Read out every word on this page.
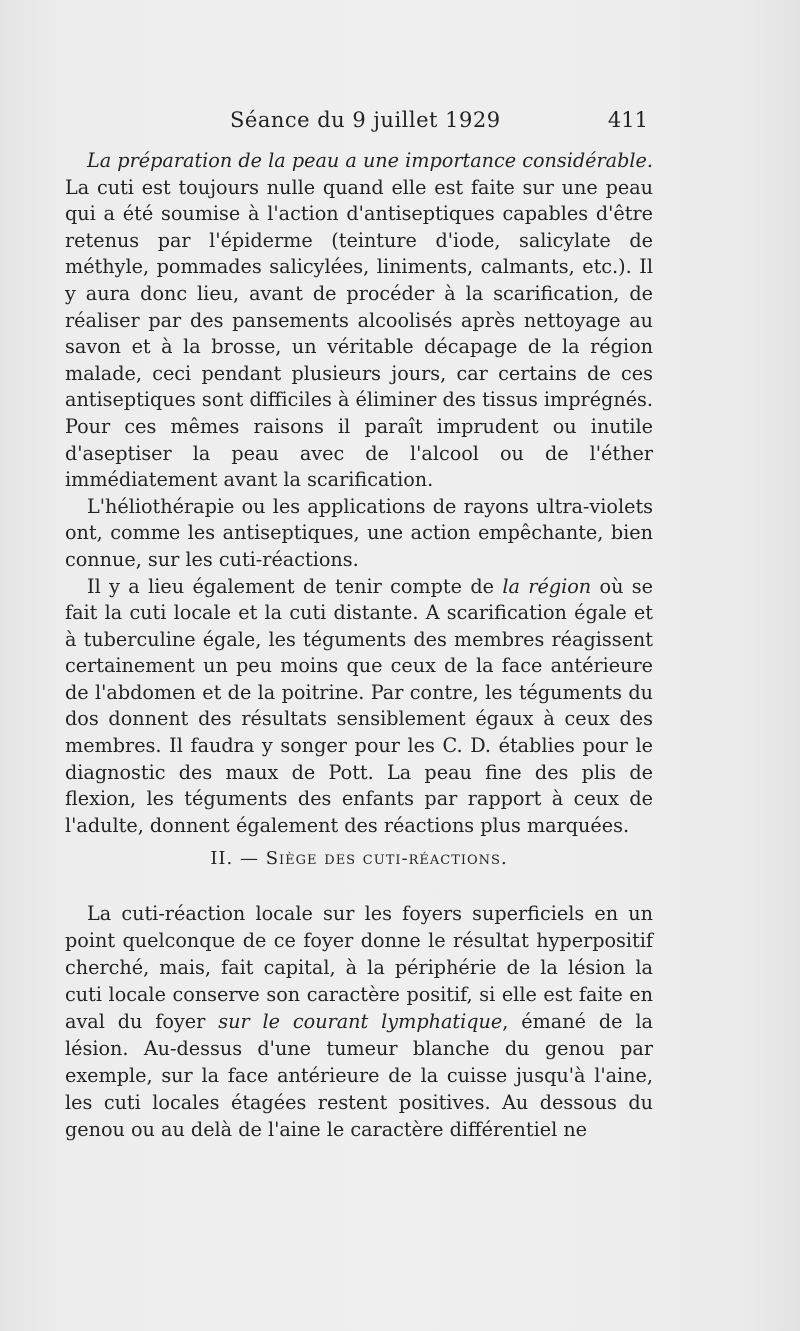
Séance du 9 juillet 1929	411

La préparation de la peau a une importance considérable. La cuti est toujours nulle quand elle est faite sur une peau qui a été soumise à l'action d'antiseptiques capables d'être retenus par l'épiderme (teinture d'iode, salicylate de méthyle, pommades salicylées, liniments, calmants, etc.). Il y aura donc lieu, avant de procéder à la scarification, de réaliser par des pansements alcoolisés après nettoyage au savon et à la brosse, un véritable décapage de la région malade, ceci pendant plusieurs jours, car certains de ces antiseptiques sont difficiles à éliminer des tissus imprégnés. Pour ces mêmes raisons il paraît imprudent ou inutile d'aseptiser la peau avec de l'alcool ou de l'éther immédiatement avant la scarification.

L'héliothérapie ou les applications de rayons ultra-violets ont, comme les antiseptiques, une action empêchante, bien connue, sur les cuti-réactions.

Il y a lieu également de tenir compte de la région où se fait la cuti locale et la cuti distante. A scarification égale et à tuberculine égale, les téguments des membres réagissent certainement un peu moins que ceux de la face antérieure de l'abdomen et de la poitrine. Par contre, les téguments du dos donnent des résultats sensiblement égaux à ceux des membres. Il faudra y songer pour les C. D. établies pour le diagnostic des maux de Pott. La peau fine des plis de flexion, les téguments des enfants par rapport à ceux de l'adulte, donnent également des réactions plus marquées.

II. — Siège des cuti-réactions.

La cuti-réaction locale sur les foyers superficiels en un point quelconque de ce foyer donne le résultat hyperpositif cherché, mais, fait capital, à la périphérie de la lésion la cuti locale conserve son caractère positif, si elle est faite en aval du foyer sur le courant lymphatique, émané de la lésion. Au-dessus d'une tumeur blanche du genou par exemple, sur la face antérieure de la cuisse jusqu'à l'aine, les cuti locales étagées restent positives. Au dessous du genou ou au delà de l'aine le caractère différentiel ne
